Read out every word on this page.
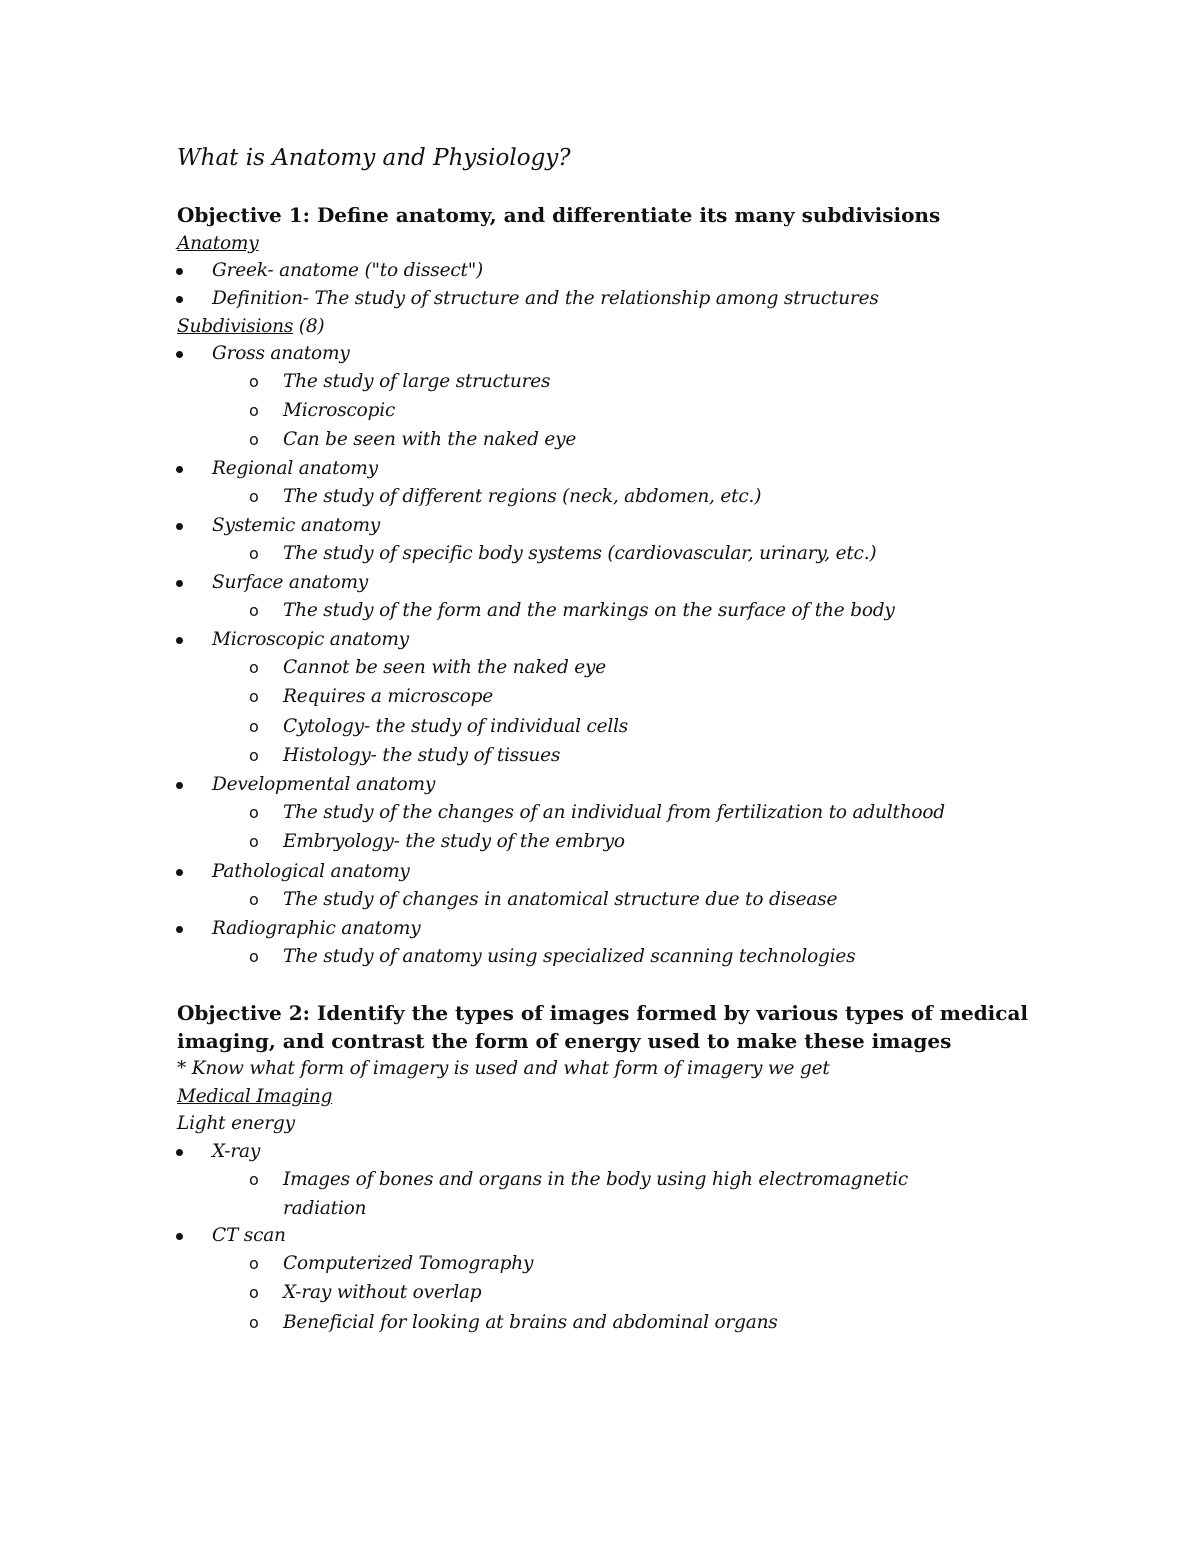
What is Anatomy and Physiology?
Objective 1: Define anatomy, and differentiate its many subdivisions
Anatomy
Greek- anatome ("to dissect")
Definition- The study of structure and the relationship among structures
Subdivisions (8)
Gross anatomy
o The study of large structures
o Microscopic
o Can be seen with the naked eye
Regional anatomy
o The study of different regions (neck, abdomen, etc.)
Systemic anatomy
o The study of specific body systems (cardiovascular, urinary, etc.)
Surface anatomy
o The study of the form and the markings on the surface of the body
Microscopic anatomy
o Cannot be seen with the naked eye
o Requires a microscope
o Cytology- the study of individual cells
o Histology- the study of tissues
Developmental anatomy
o The study of the changes of an individual from fertilization to adulthood
o Embryology- the study of the embryo
Pathological anatomy
o The study of changes in anatomical structure due to disease
Radiographic anatomy
o The study of anatomy using specialized scanning technologies
Objective 2: Identify the types of images formed by various types of medical
imaging, and contrast the form of energy used to make these images
* Know what form of imagery is used and what form of imagery we get
Medical Imaging
Light energy
X-ray
o Images of bones and organs in the body using high electromagnetic
radiation
CT scan
o Computerized Tomography
o X-ray without overlap
o Beneficial for looking at brains and abdominal organs
